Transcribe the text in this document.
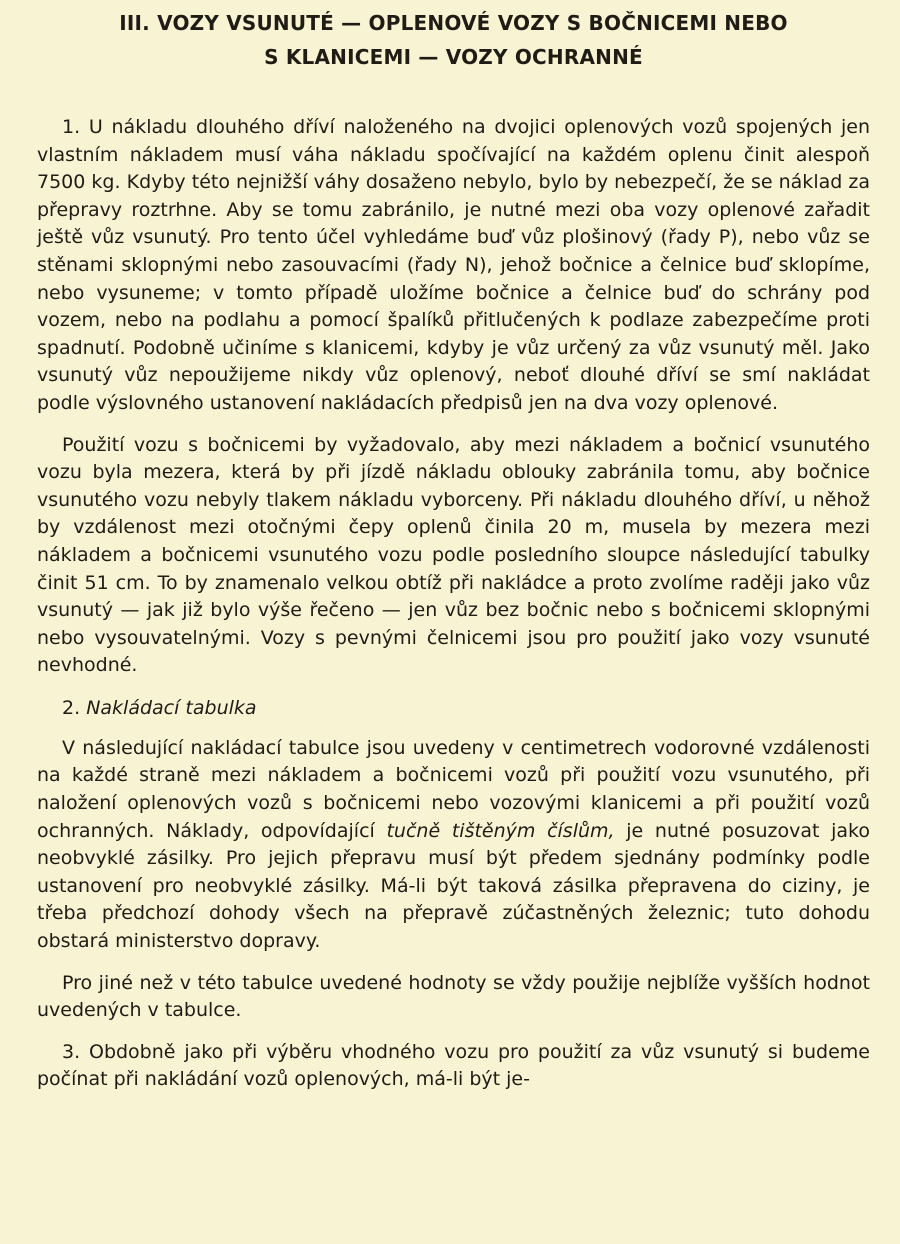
III. VOZY VSUNUTÉ — OPLENOVÉ VOZY S BOČNICEMI NEBO
S KLANICEMI — VOZY OCHRANNÉ

1. U nákladu dlouhého dříví naloženého na dvojici oplenových vozů spojených jen vlastním nákladem musí váha nákladu spočívající na každém oplenu činit alespoň 7500 kg. Kdyby této nejnižší váhy dosaženo nebylo, bylo by nebezpečí, že se náklad za přepravy roztrhne. Aby se tomu zabránilo, je nutné mezi oba vozy oplenové zařadit ještě vůz vsunutý. Pro tento účel vyhledáme buď vůz plošinový (řady P), nebo vůz se stěnami sklopnými nebo zasouvacími (řady N), jehož bočnice a čelnice buď sklopíme, nebo vysuneme; v tomto případě uložíme bočnice a čelnice buď do schrány pod vozem, nebo na podlahu a pomocí špalíků přitlučených k podlaze zabezpečíme proti spadnutí. Podobně učiníme s klanicemi, kdyby je vůz určený za vůz vsunutý měl. Jako vsunutý vůz nepoužijeme nikdy vůz oplenový, neboť dlouhé dříví se smí nakládat podle výslovného ustanovení nakládacích předpisů jen na dva vozy oplenové.

Použití vozu s bočnicemi by vyžadovalo, aby mezi nákladem a bočnicí vsunutého vozu byla mezera, která by při jízdě nákladu oblouky zabránila tomu, aby bočnice vsunutého vozu nebyly tlakem nákladu vyborceny. Při nákladu dlouhého dříví, u něhož by vzdálenost mezi otočnými čepy oplenů činila 20 m, musela by mezera mezi nákladem a bočnicemi vsunutého vozu podle posledního sloupce následující tabulky činit 51 cm. To by znamenalo velkou obtíž při nakládce a proto zvolíme raději jako vůz vsunutý — jak již bylo výše řečeno — jen vůz bez bočnic nebo s bočnicemi sklopnými nebo vysouvatelnými. Vozy s pevnými čelnicemi jsou pro použití jako vozy vsunuté nevhodné.

2. Nakládací tabulka

V následující nakládací tabulce jsou uvedeny v centimetrech vodorovné vzdálenosti na každé straně mezi nákladem a bočnicemi vozů při použití vozu vsunutého, při naložení oplenových vozů s bočnicemi nebo vozovými klanicemi a při použití vozů ochranných. Náklady, odpovídající tučně tištěným číslům, je nutné posuzovat jako neobvyklé zásilky. Pro jejich přepravu musí být předem sjednány podmínky podle ustanovení pro neobvyklé zásilky. Má-li být taková zásilka přepravena do ciziny, je třeba předchozí dohody všech na přepravě zúčastněných železnic; tuto dohodu obstará ministerstvo dopravy.

Pro jiné než v této tabulce uvedené hodnoty se vždy použije nejblíže vyšších hodnot uvedených v tabulce.

3. Obdobně jako při výběru vhodného vozu pro použití za vůz vsunutý si budeme počínat při nakládání vozů oplenových, má-li být je-
